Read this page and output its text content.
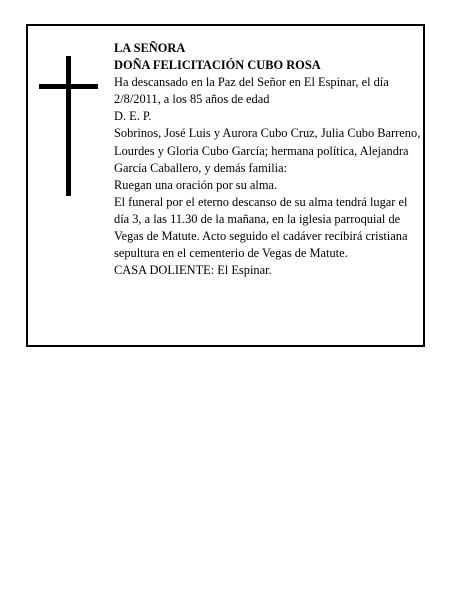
LA SEÑORA

DOÑA FELICITACIÓN CUBO ROSA

Ha descansado en la Paz del Señor en El Espinar, el día 2/8/2011, a los 85 años de edad

D. E. P.

Sobrinos, José Luis y Aurora Cubo Cruz, Julia Cubo Barreno, Lourdes y Gloria Cubo García; hermana política, Alejandra García Caballero, y demás familia:

Ruegan una oración por su alma.

El funeral por el eterno descanso de su alma tendrá lugar el día 3, a las 11.30 de la mañana, en la iglesia parroquial de Vegas de Matute. Acto seguido el cadáver recibirá cristiana sepultura en el cementerio de Vegas de Matute.

CASA DOLIENTE: El Espinar.
